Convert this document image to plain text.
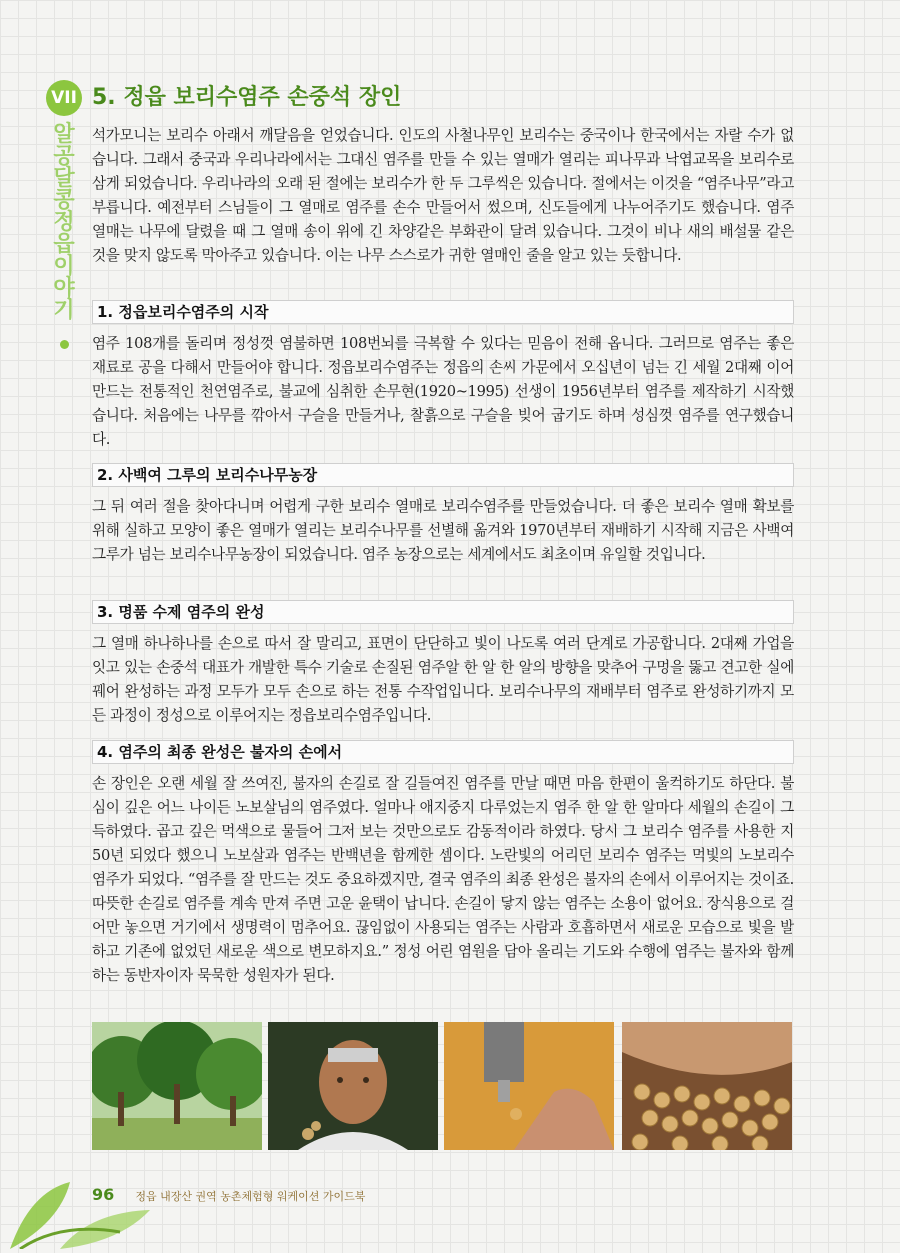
VII
알공달콩 정읍 이야기
5. 정읍 보리수염주 손중석 장인

석가모니는 보리수 아래서 깨달음을 얻었습니다. 인도의 사철나무인 보리수는 중국이나 한국에서는 자랄 수가 없습니다. 그래서 중국과 우리나라에서는 그대신 염주를 만들 수 있는 열매가 열리는 피나무과 낙엽교목을 보리수로 삼게 되었습니다. 우리나라의 오래 된 절에는 보리수가 한 두 그루씩은 있습니다. 절에서는 이것을 “염주나무”라고 부릅니다. 예전부터 스님들이 그 열매로 염주를 손수 만들어서 썼으며, 신도들에게 나누어주기도 했습니다. 염주 열매는 나무에 달렸을 때 그 열매 송이 위에 긴 차양같은 부화관이 달려 있습니다. 그것이 비나 새의 배설물 같은 것을 맞지 않도록 막아주고 있습니다. 이는 나무 스스로가 귀한 열매인 줄을 알고 있는 듯합니다.

1. 정읍보리수염주의 시작

염주 108개를 돌리며 정성껏 염불하면 108번뇌를 극복할 수 있다는 믿음이 전해 옵니다. 그러므로 염주는 좋은 재료로 공을 다해서 만들어야 합니다. 정읍보리수염주는 정읍의 손씨 가문에서 오십년이 넘는 긴 세월 2대째 이어 만드는 전통적인 천연염주로, 불교에 심취한 손무현(1920~1995) 선생이 1956년부터 염주를 제작하기 시작했습니다. 처음에는 나무를 깎아서 구슬을 만들거나, 찰흙으로 구슬을 빚어 굽기도 하며 성심껏 염주를 연구했습니다.

2. 사백여 그루의 보리수나무농장

그 뒤 여러 절을 찾아다니며 어렵게 구한 보리수 열매로 보리수염주를 만들었습니다. 더 좋은 보리수 열매 확보를 위해 실하고 모양이 좋은 열매가 열리는 보리수나무를 선별해 옮겨와 1970년부터 재배하기 시작해 지금은 사백여 그루가 넘는 보리수나무농장이 되었습니다. 염주 농장으로는 세계에서도 최초이며 유일할 것입니다.

3. 명품 수제 염주의 완성

그 열매 하나하나를 손으로 따서 잘 말리고, 표면이 단단하고 빛이 나도록 여러 단계로 가공합니다. 2대째 가업을 잇고 있는 손중석 대표가 개발한 특수 기술로 손질된 염주알 한 알 한 알의 방향을 맞추어 구멍을 뚫고 견고한 실에 꿰어 완성하는 과정 모두가 모두 손으로 하는 전통 수작업입니다. 보리수나무의 재배부터 염주로 완성하기까지 모든 과정이 정성으로 이루어지는 정읍보리수염주입니다.

4. 염주의 최종 완성은 불자의 손에서

손 장인은 오랜 세월 잘 쓰여진, 불자의 손길로 잘 길들여진 염주를 만날 때면 마음 한편이 울컥하기도 하단다. 불심이 깊은 어느 나이든 노보살님의 염주였다. 얼마나 애지중지 다루었는지 염주 한 알 한 알마다 세월의 손길이 그득하였다. 곱고 깊은 먹색으로 물들어 그저 보는 것만으로도 감동적이라 하였다. 당시 그 보리수 염주를 사용한 지 50년 되었다 했으니 노보살과 염주는 반백년을 함께한 셈이다. 노란빛의 어리던 보리수 염주는 먹빛의 노보리수 염주가 되었다. “염주를 잘 만드는 것도 중요하겠지만, 결국 염주의 최종 완성은 불자의 손에서 이루어지는 것이죠. 따뜻한 손길로 염주를 계속 만져 주면 고운 윤택이 납니다. 손길이 닿지 않는 염주는 소용이 없어요. 장식용으로 걸어만 놓으면 거기에서 생명력이 멈추어요. 끊임없이 사용되는 염주는 사람과 호흡하면서 새로운 모습으로 빛을 발하고 기존에 없었던 새로운 색으로 변모하지요.” 정성 어린 염원을 담아 올리는 기도와 수행에 염주는 불자와 함께하는 동반자이자 묵묵한 성원자가 된다.

96 정읍 내장산 권역 농촌체험형 워케이션 가이드북
